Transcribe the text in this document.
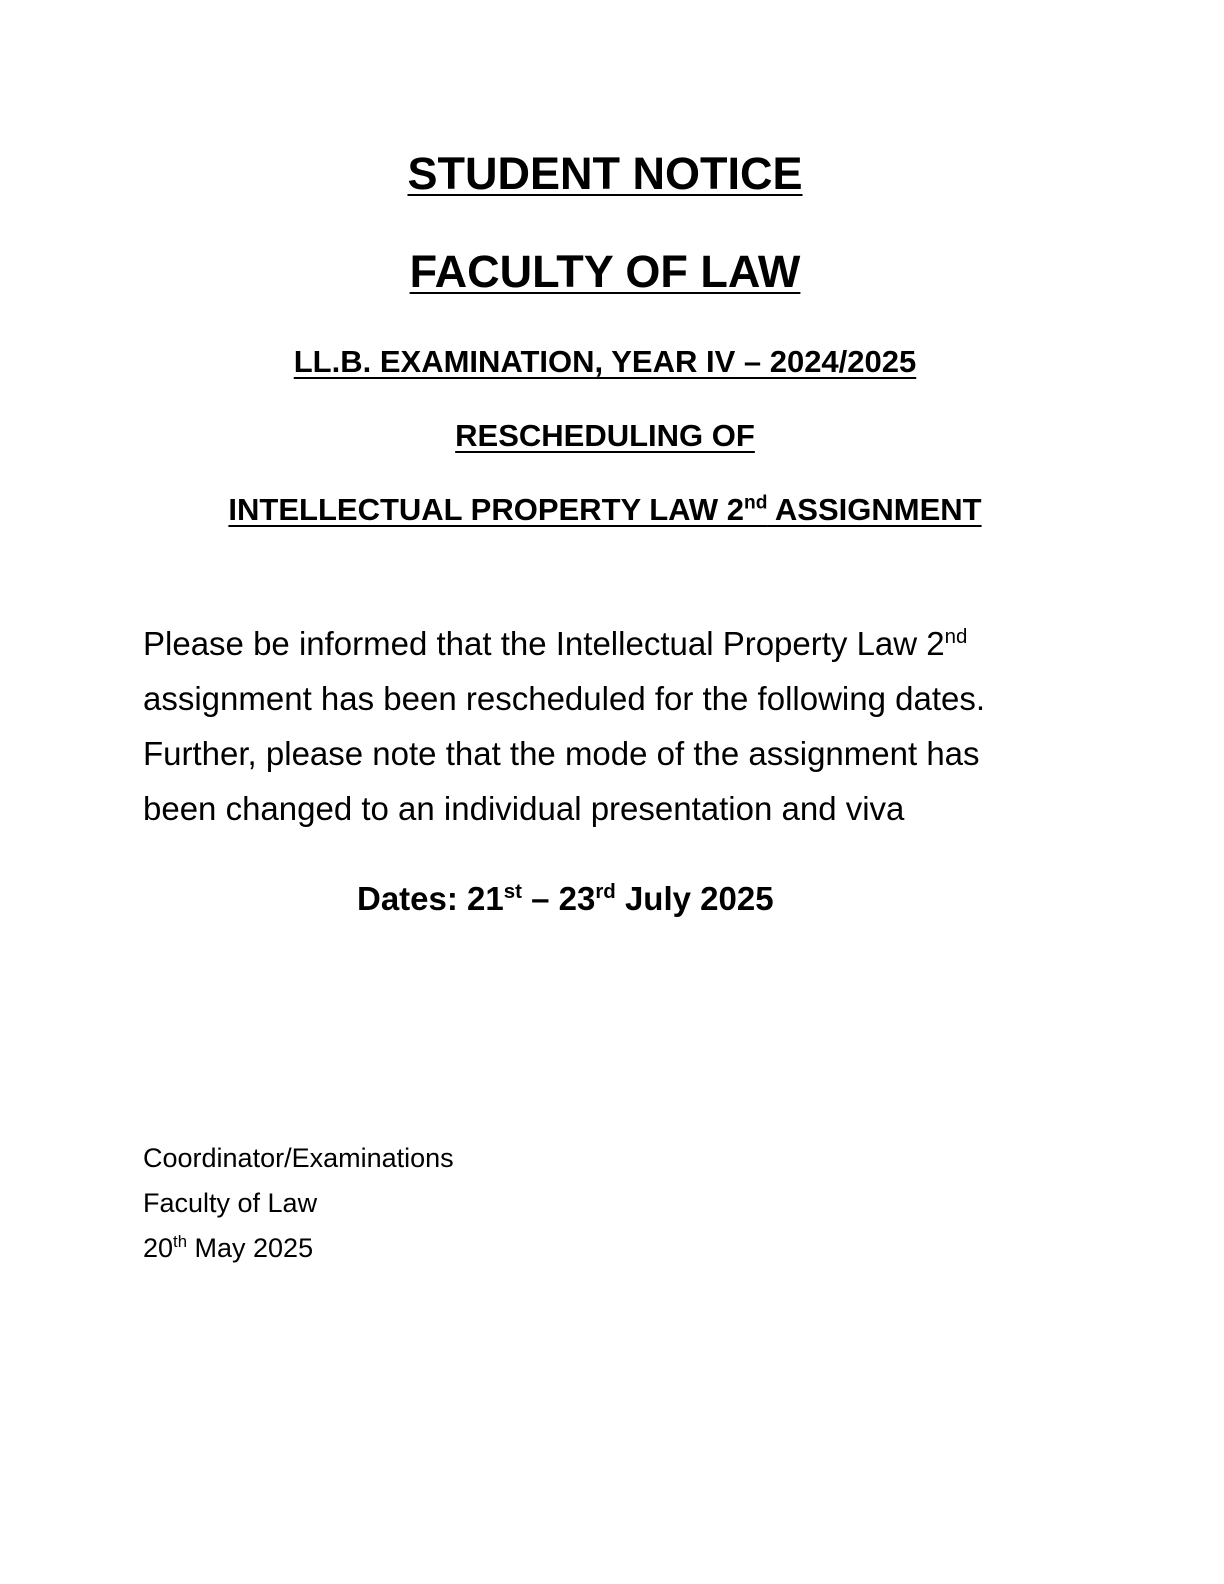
STUDENT NOTICE
FACULTY OF LAW
LL.B. EXAMINATION, YEAR IV – 2024/2025
RESCHEDULING OF
INTELLECTUAL PROPERTY LAW 2nd ASSIGNMENT
Please be informed that the Intellectual Property Law 2nd
assignment has been rescheduled for the following dates.
Further, please note that the mode of the assignment has
been changed to an individual presentation and viva
Dates: 21st – 23rd July 2025
Coordinator/Examinations
Faculty of Law
20th May 2025
